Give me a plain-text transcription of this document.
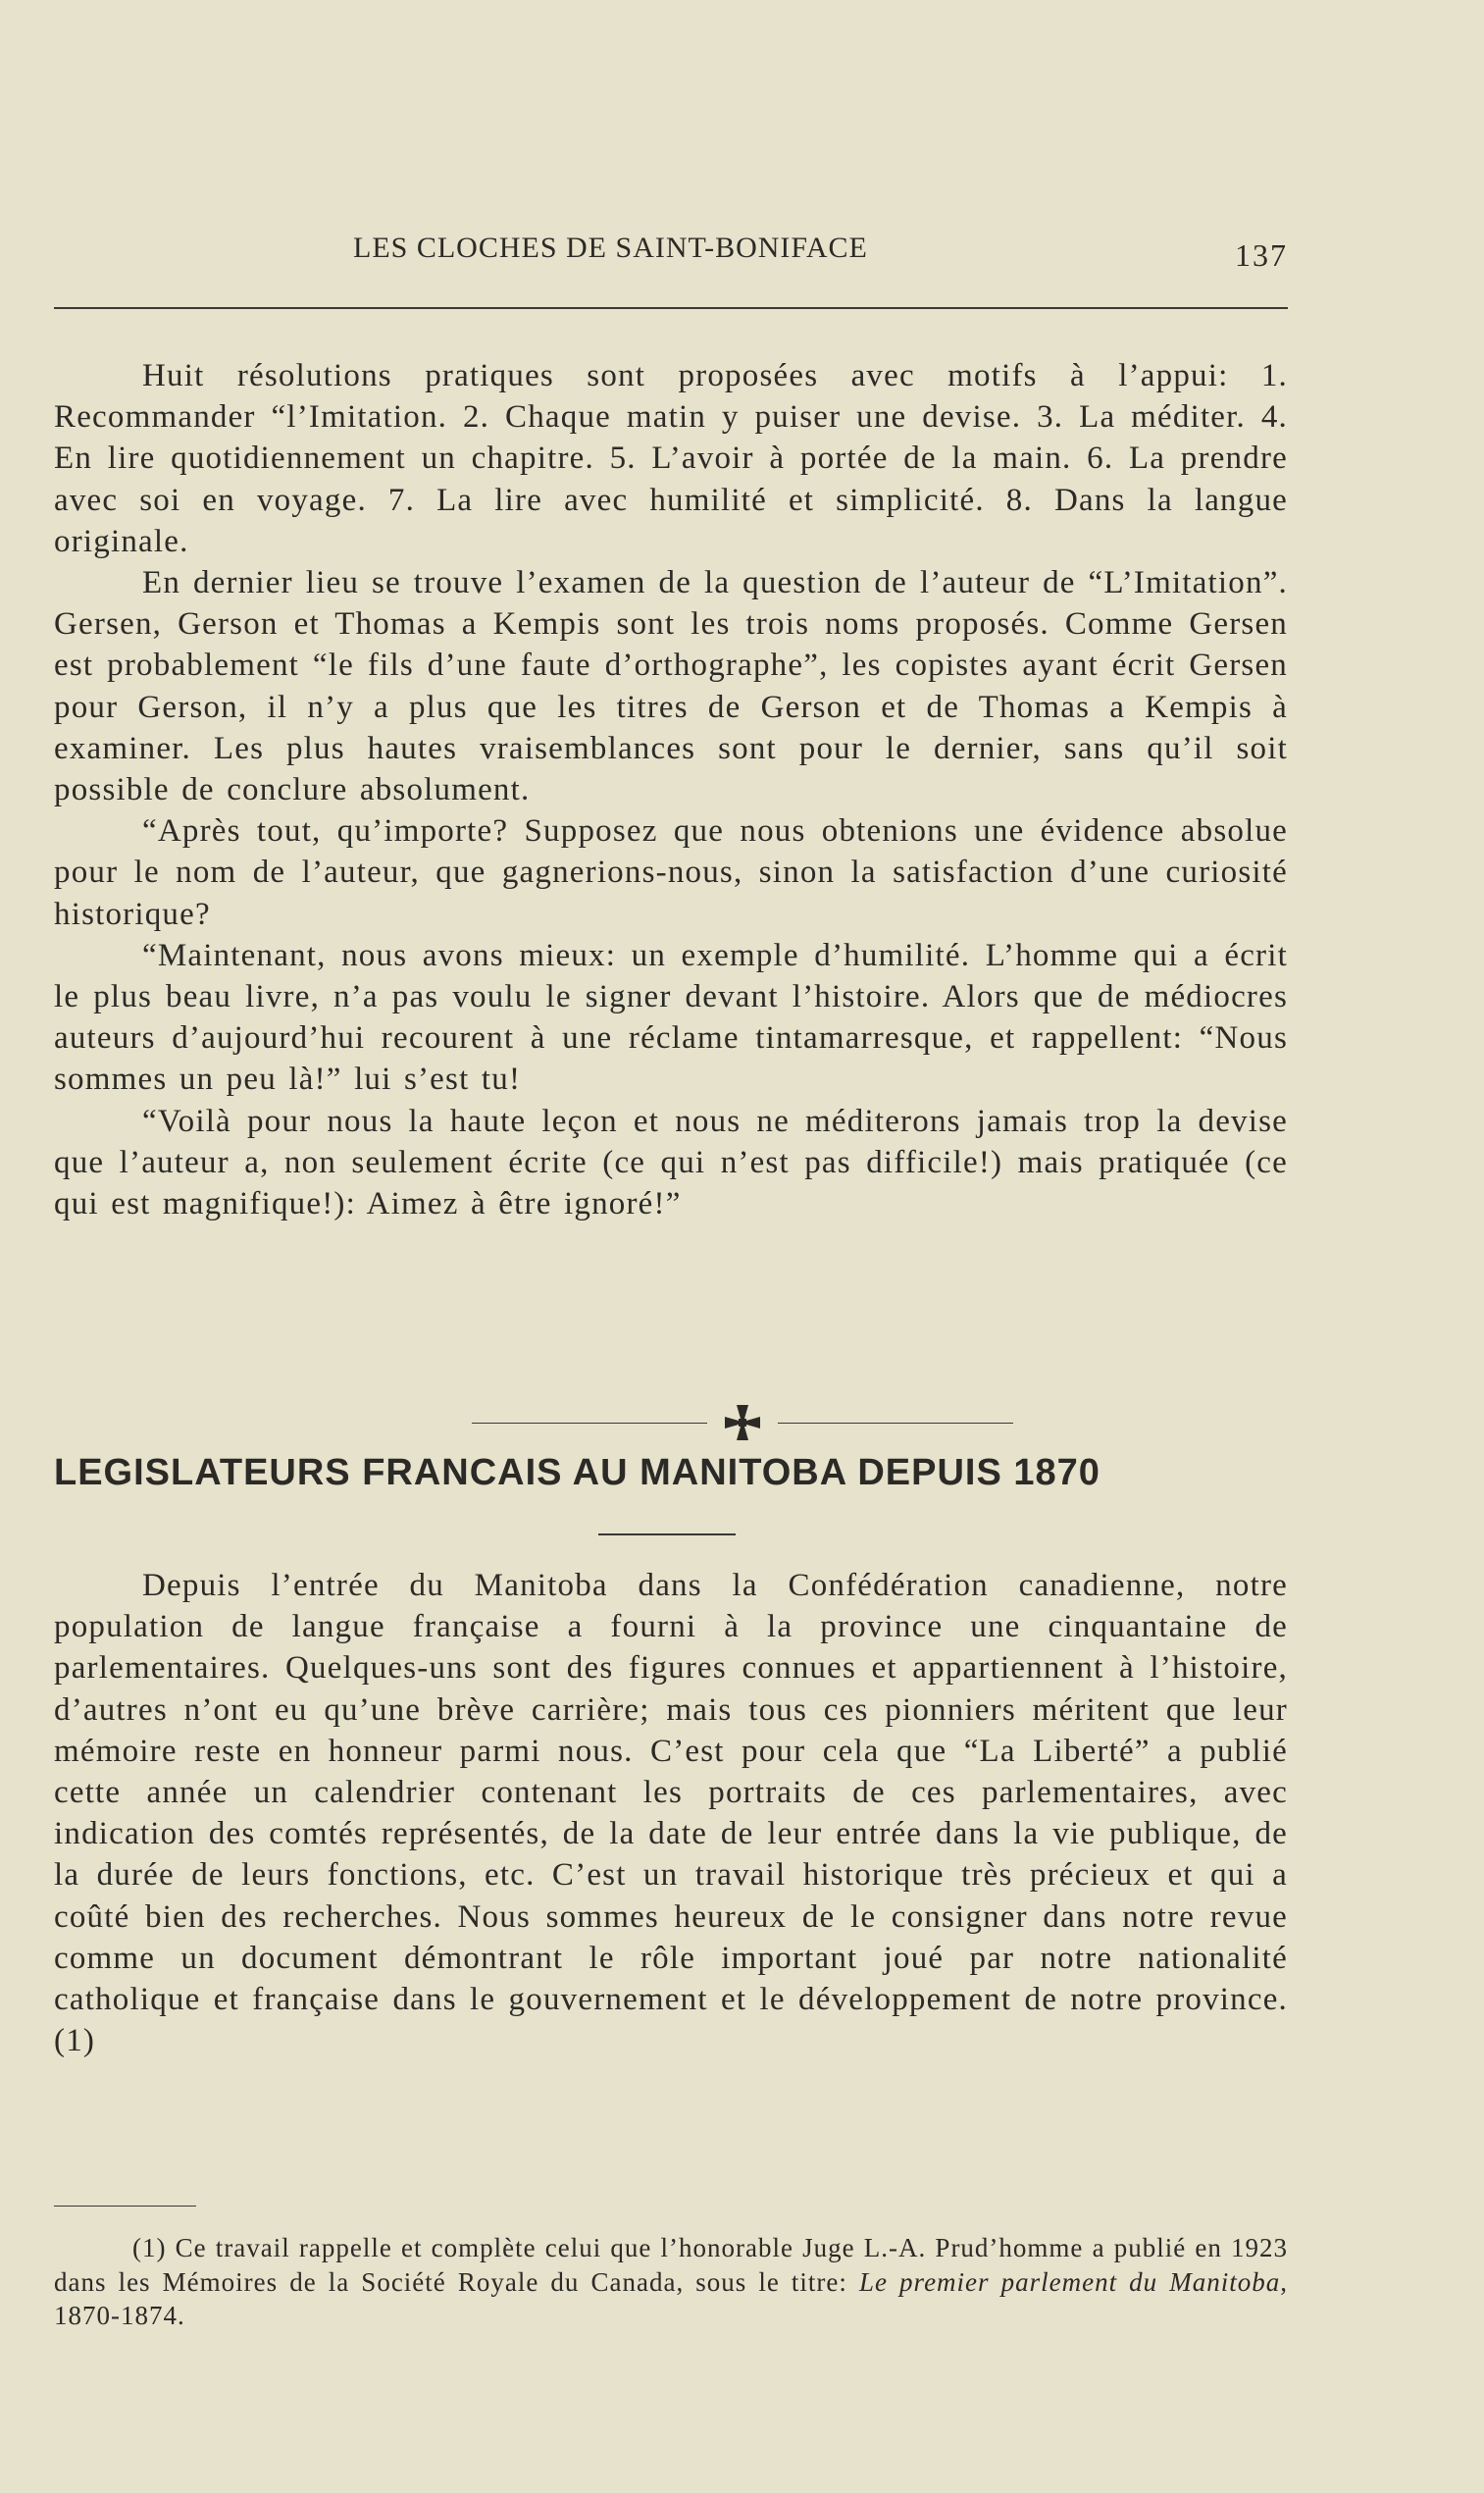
LES CLOCHES DE SAINT-BONIFACE	137

Huit résolutions pratiques sont proposées avec motifs à l’appui: 1. Recommander “l’Imitation. 2. Chaque matin y puiser une devise. 3. La méditer. 4. En lire quotidiennement un chapitre. 5. L’avoir à portée de la main. 6. La prendre avec soi en voyage. 7. La lire avec humilité et simplicité. 8. Dans la langue originale.

En dernier lieu se trouve l’examen de la question de l’auteur de “L’Imitation”. Gersen, Gerson et Thomas a Kempis sont les trois noms proposés. Comme Gersen est probablement “le fils d’une faute d’orthographe”, les copistes ayant écrit Gersen pour Gerson, il n’y a plus que les titres de Gerson et de Thomas a Kempis à examiner. Les plus hautes vraisemblances sont pour le dernier, sans qu’il soit possible de conclure absolument.

“Après tout, qu’importe? Supposez que nous obtenions une évidence absolue pour le nom de l’auteur, que gagnerions-nous, sinon la satisfaction d’une curiosité historique?

“Maintenant, nous avons mieux: un exemple d’humilité. L’homme qui a écrit le plus beau livre, n’a pas voulu le signer devant l’histoire. Alors que de médiocres auteurs d’aujourd’hui recourent à une réclame tintamarresque, et rappellent: “Nous sommes un peu là!” lui s’est tu!

“Voilà pour nous la haute leçon et nous ne méditerons jamais trop la devise que l’auteur a, non seulement écrite (ce qui n’est pas difficile!) mais pratiquée (ce qui est magnifique!): Aimez à être ignoré!”

LEGISLATEURS FRANCAIS AU MANITOBA DEPUIS 1870

Depuis l’entrée du Manitoba dans la Confédération canadienne, notre population de langue française a fourni à la province une cinquantaine de parlementaires. Quelques-uns sont des figures connues et appartiennent à l’histoire, d’autres n’ont eu qu’une brève carrière; mais tous ces pionniers méritent que leur mémoire reste en honneur parmi nous. C’est pour cela que “La Liberté” a publié cette année un calendrier contenant les portraits de ces parlementaires, avec indication des comtés représentés, de la date de leur entrée dans la vie publique, de la durée de leurs fonctions, etc. C’est un travail historique très précieux et qui a coûté bien des recherches. Nous sommes heureux de le consigner dans notre revue comme un document démontrant le rôle important joué par notre nationalité catholique et française dans le gouvernement et le développement de notre province. (1)

(1) Ce travail rappelle et complète celui que l’honorable Juge L.-A. Prud’homme a publié en 1923 dans les Mémoires de la Société Royale du Canada, sous le titre: Le premier parlement du Manitoba, 1870-1874.
